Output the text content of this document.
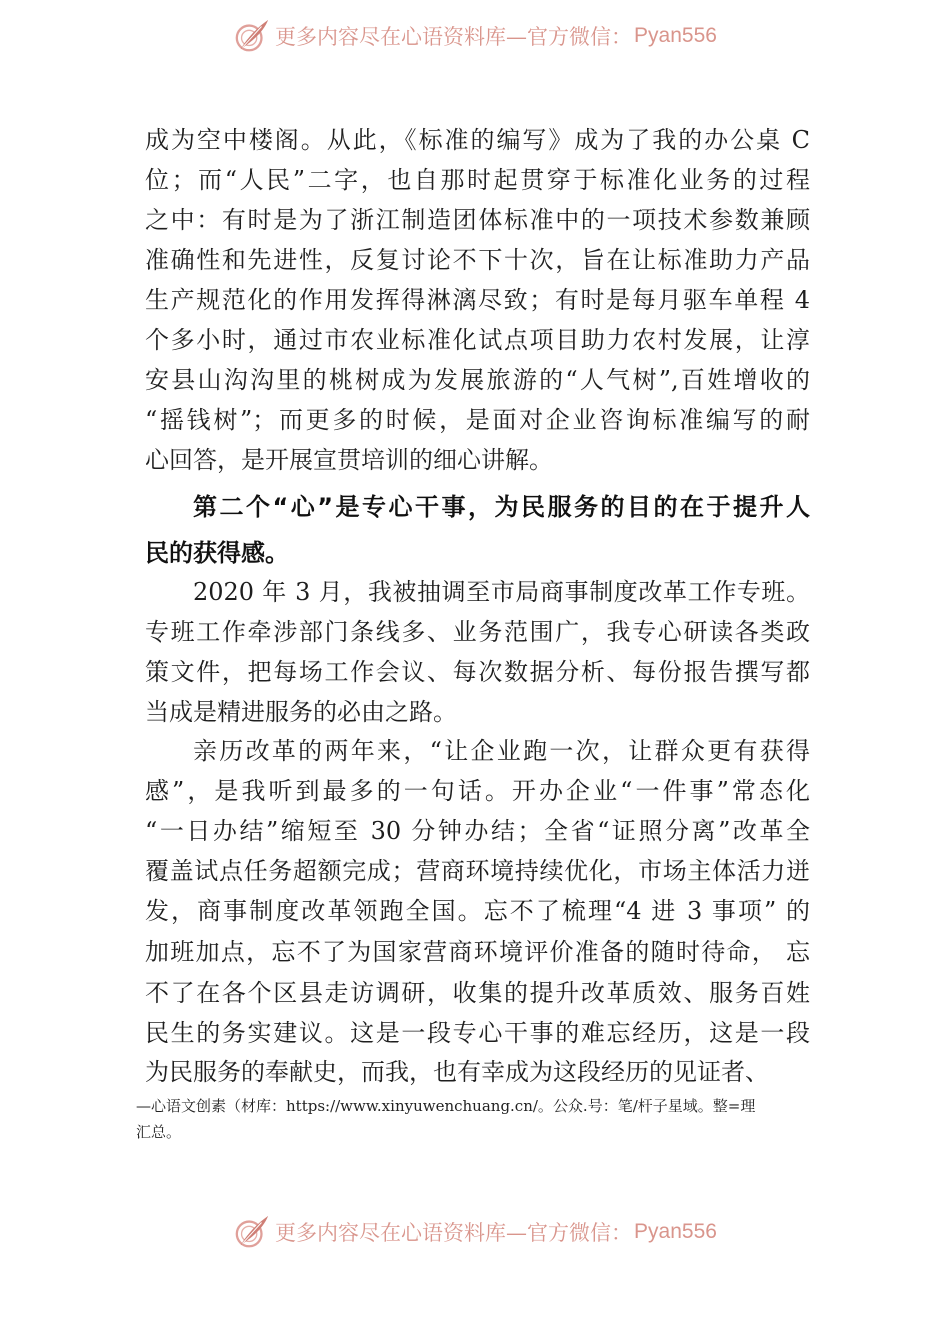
更多内容尽在心语资料库—官方微信： Pyan556
成为空中楼阁。从此，《标准的编写》成为了我的办公桌 C
位；而“人民”二字，也自那时起贯穿于标准化业务的过程
之中：有时是为了浙江制造团体标准中的一项技术参数兼顾
准确性和先进性，反复讨论不下十次，旨在让标准助力产品
生产规范化的作用发挥得淋漓尽致；有时是每月驱车单程 4
个多小时，通过市农业标准化试点项目助力农村发展，让淳
安县山沟沟里的桃树成为发展旅游的“人气树”,百姓增收的
“摇钱树”；而更多的时候，是面对企业咨询标准编写的耐
心回答，是开展宣贯培训的细心讲解。
第二个“心”是专心干事，为民服务的目的在于提升人
民的获得感。
2020 年 3 月，我被抽调至市局商事制度改革工作专班。
专班工作牵涉部门条线多、业务范围广，我专心研读各类政
策文件，把每场工作会议、每次数据分析、每份报告撰写都
当成是精进服务的必由之路。
亲历改革的两年来，“让企业跑一次，让群众更有获得
感”，是我听到最多的一句话。开办企业“一件事”常态化
“一日办结”缩短至 30 分钟办结；全省“证照分离”改革全
覆盖试点任务超额完成；营商环境持续优化，市场主体活力迸
发，商事制度改革领跑全国。忘不了梳理“4 进 3 事项” 的
加班加点，忘不了为国家营商环境评价准备的随时待命， 忘
不了在各个区县走访调研，收集的提升改革质效、服务百姓
民生的务实建议。这是一段专心干事的难忘经历，这是一段
为民服务的奉献史，而我，也有幸成为这段经历的见证者、
—心语文创素（材库：https://www.xinyuwenchuang.cn/。公众.号：笔/杆子星域。整=理
汇总。
更多内容尽在心语资料库—官方微信： Pyan556
